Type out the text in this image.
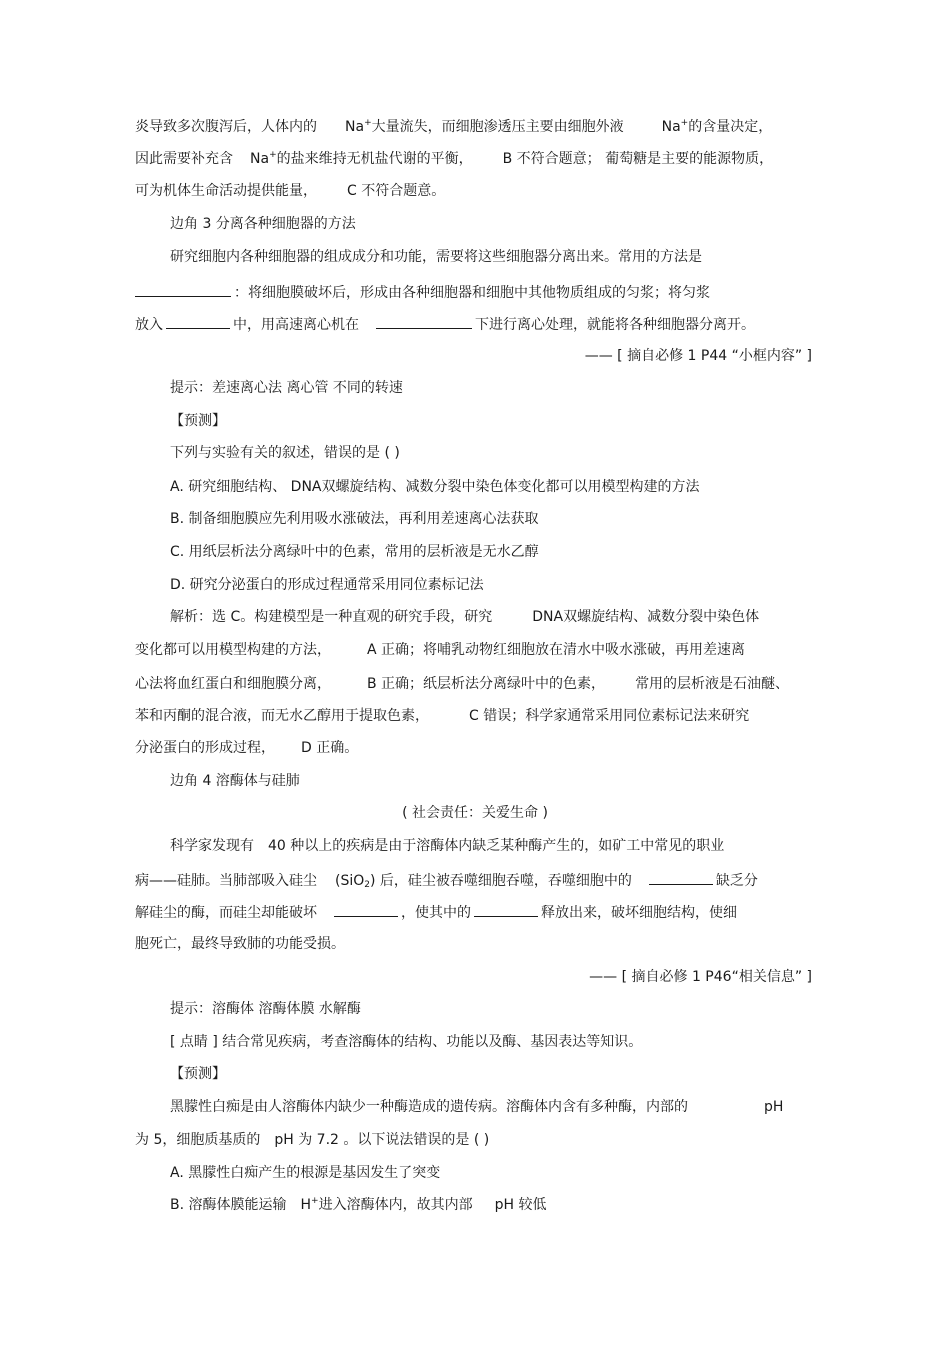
炎导致多次腹泻后，人体内的 Na+大量流失，而细胞渗透压主要由细胞外液	Na+的含量决定，
因此需要补充含 Na+的盐来维持无机盐代谢的平衡， B 不符合题意； 葡萄糖是主要的能源物质，
可为机体生命活动提供能量， C 不符合题意。
边角 3 分离各种细胞器的方法
研究细胞内各种细胞器的组成成分和功能，需要将这些细胞器分离出来。常用的方法是
：将细胞膜破坏后，形成由各种细胞器和细胞中其他物质组成的匀浆；将匀浆
放入	中，用高速离心机在	下进行离心处理，就能将各种细胞器分离开。
—— [ 摘自必修 1 P44 “小框内容” ]
提示：差速离心法 离心管 不同的转速
【预测】
下列与实验有关的叙述，错误的是 ( )
A. 研究细胞结构、 DNA双螺旋结构、减数分裂中染色体变化都可以用模型构建的方法
B. 制备细胞膜应先利用吸水涨破法，再利用差速离心法获取
C. 用纸层析法分离绿叶中的色素，常用的层析液是无水乙醇
D. 研究分泌蛋白的形成过程通常采用同位素标记法
解析：选 C。构建模型是一种直观的研究手段，研究	DNA双螺旋结构、减数分裂中染色体
变化都可以用模型构建的方法，	A 正确；将哺乳动物红细胞放在清水中吸水涨破，再用差速离
心法将血红蛋白和细胞膜分离，	B 正确；纸层析法分离绿叶中的色素， 常用的层析液是石油醚、
苯和丙酮的混合液，而无水乙醇用于提取色素，	C 错误；科学家通常采用同位素标记法来研究
分泌蛋白的形成过程， D 正确。
边角 4 溶酶体与硅肺
( 社会责任：关爱生命 )
科学家发现有 40 种以上的疾病是由于溶酶体内缺乏某种酶产生的，如矿工中常见的职业
病——硅肺。当肺部吸入硅尘 (SiO$_2$) 后，硅尘被吞噬细胞吞噬，吞噬细胞中的	缺乏分
解硅尘的酶，而硅尘却能破坏	，使其中的	释放出来，破坏细胞结构，使细
胞死亡，最终导致肺的功能受损。
—— [ 摘自必修 1 P46“相关信息” ]
提示：溶酶体 溶酶体膜 水解酶
[ 点睛 ] 结合常见疾病，考查溶酶体的结构、功能以及酶、基因表达等知识。
【预测】
黑朦性白痴是由人溶酶体内缺少一种酶造成的遗传病。溶酶体内含有多种酶，内部的	pH
为 5，细胞质基质的 pH 为 7.2 。以下说法错误的是 ( )
A. 黑朦性白痴产生的根源是基因发生了突变
B. 溶酶体膜能运输 H+进入溶酶体内，故其内部 pH 较低
